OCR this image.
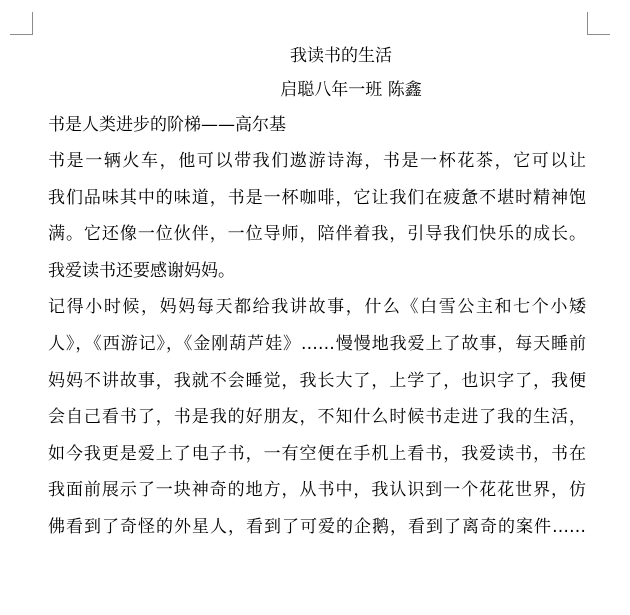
我读书的生活

启聪八年一班 陈鑫

书是人类进步的阶梯——高尔基

书是一辆火车，他可以带我们遨游诗海，书是一杯花茶，它可以让
我们品味其中的味道，书是一杯咖啡，它让我们在疲惫不堪时精神饱
满。它还像一位伙伴，一位导师，陪伴着我，引导我们快乐的成长。
我爱读书还要感谢妈妈。
记得小时候，妈妈每天都给我讲故事，什么《白雪公主和七个小矮
人》，《西游记》，《金刚葫芦娃》……慢慢地我爱上了故事，每天睡前
妈妈不讲故事，我就不会睡觉，我长大了，上学了，也识字了，我便
会自己看书了，书是我的好朋友，不知什么时候书走进了我的生活，
如今我更是爱上了电子书，一有空便在手机上看书，我爱读书，书在
我面前展示了一块神奇的地方，从书中，我认识到一个花花世界，仿
佛看到了奇怪的外星人，看到了可爱的企鹅，看到了离奇的案件……
